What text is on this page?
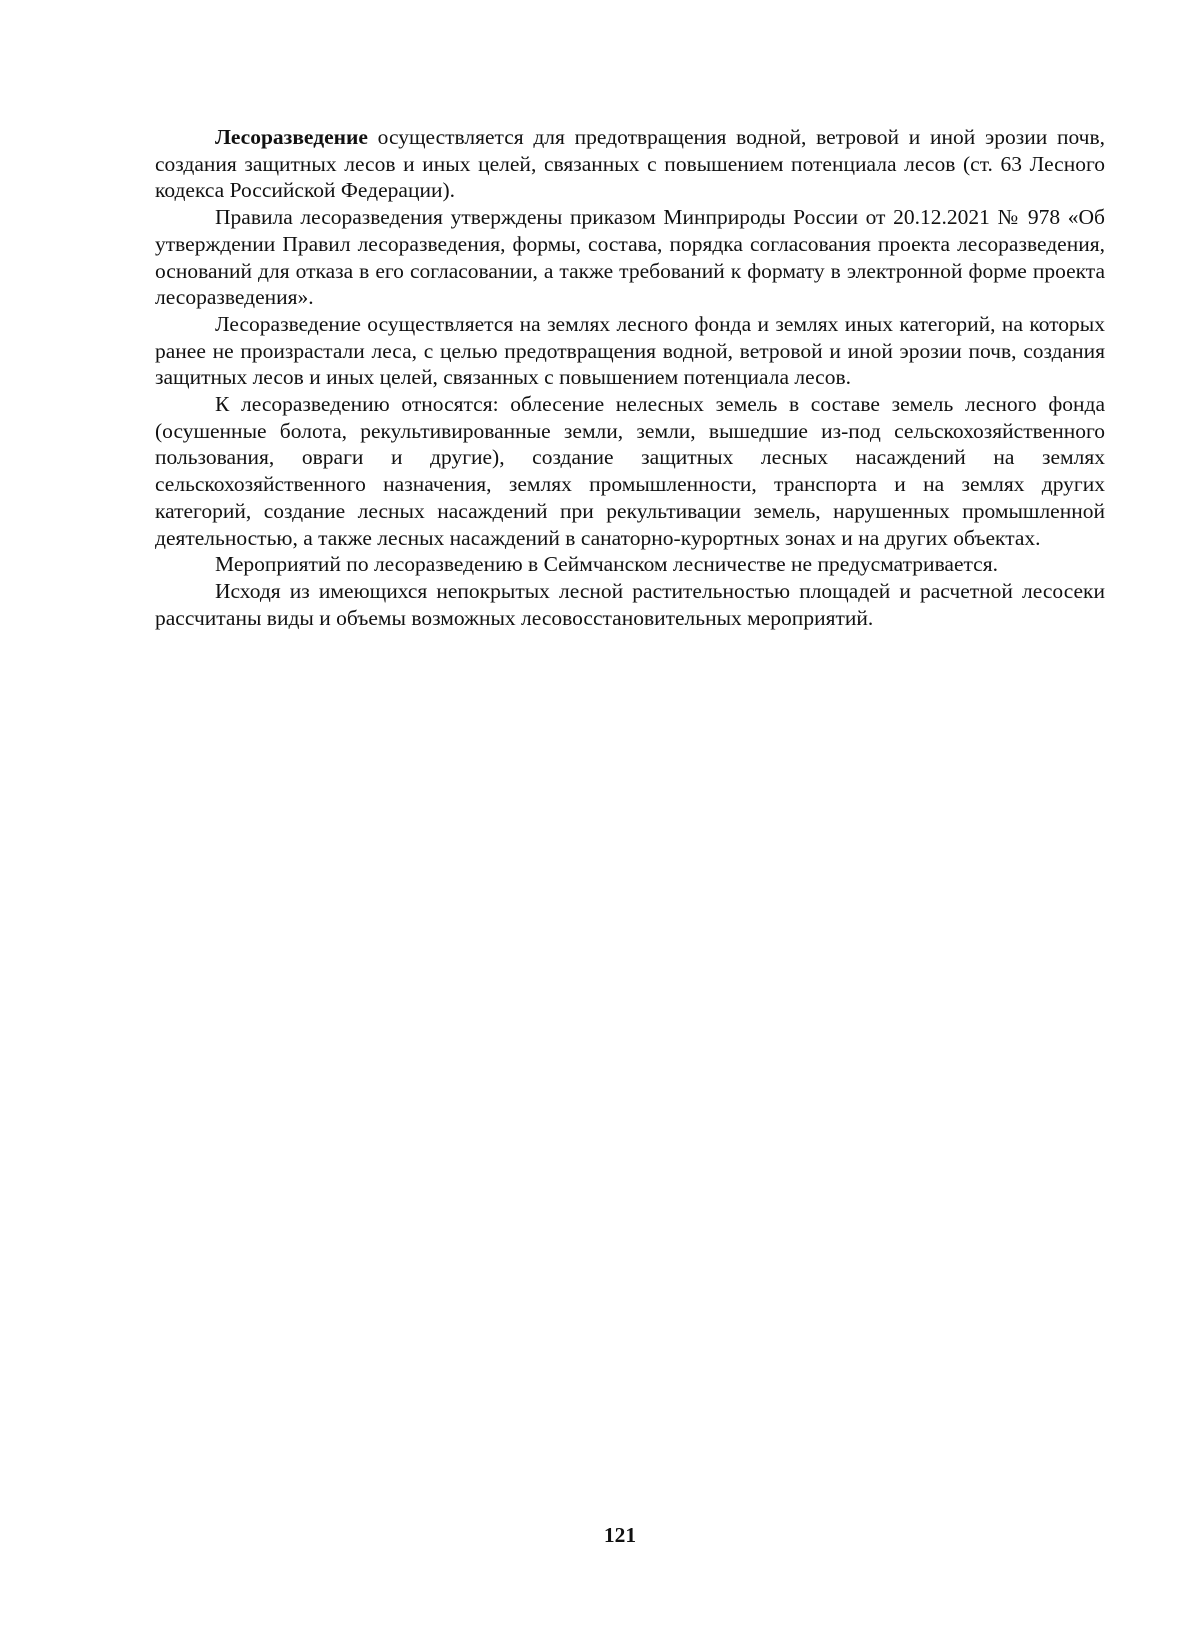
Лесоразведение осуществляется для предотвращения водной, ветровой и иной эрозии почв, создания защитных лесов и иных целей, связанных с повышением потенциала лесов (ст. 63 Лесного кодекса Российской Федерации).

Правила лесоразведения утверждены приказом Минприроды России от 20.12.2021 № 978 «Об утверждении Правил лесоразведения, формы, состава, порядка согласования проекта лесоразведения, оснований для отказа в его согласовании, а также требований к формату в электронной форме проекта лесоразведения».

Лесоразведение осуществляется на землях лесного фонда и землях иных категорий, на которых ранее не произрастали леса, с целью предотвращения водной, ветровой и иной эрозии почв, создания защитных лесов и иных целей, связанных с повышением потенциала лесов.

К лесоразведению относятся: облесение нелесных земель в составе земель лесного фонда (осушенные болота, рекультивированные земли, земли, вышедшие из-под сельскохозяйственного пользования, овраги и другие), создание защитных лесных насаждений на землях сельскохозяйственного назначения, землях промышленности, транспорта и на землях других категорий, создание лесных насаждений при рекультивации земель, нарушенных промышленной деятельностью, а также лесных насаждений в санаторно-курортных зонах и на других объектах.

Мероприятий по лесоразведению в Сеймчанском лесничестве не предусматривается.

Исходя из имеющихся непокрытых лесной растительностью площадей и расчетной лесосеки рассчитаны виды и объемы возможных лесовосстановительных мероприятий.

121
